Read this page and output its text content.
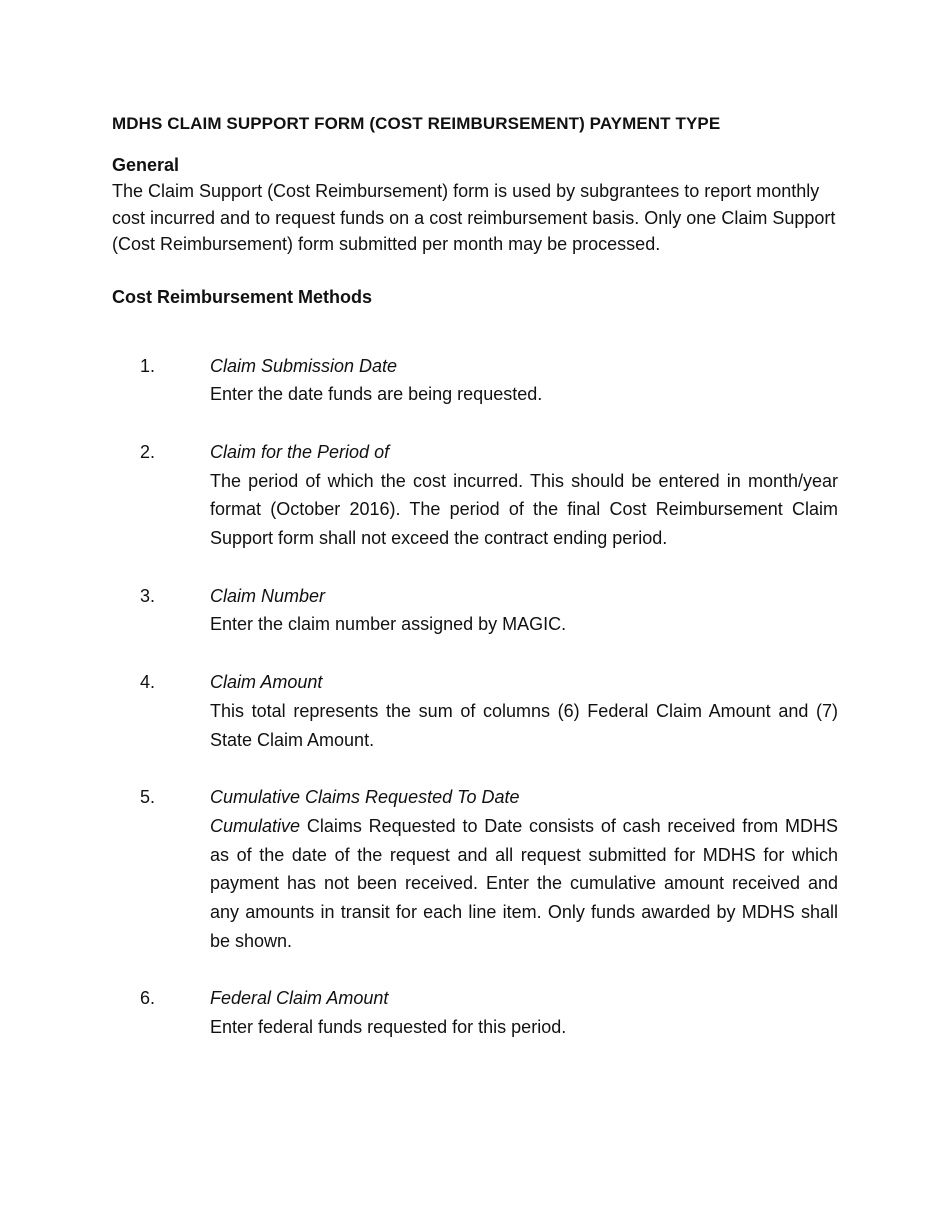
MDHS CLAIM SUPPORT FORM (COST REIMBURSEMENT) PAYMENT TYPE
General

The Claim Support (Cost Reimbursement) form is used by subgrantees to report monthly cost incurred and to request funds on a cost reimbursement basis. Only one Claim Support (Cost Reimbursement) form submitted per month may be processed.

Cost Reimbursement Methods
1.	Claim Submission Date

Enter the date funds are being requested.

2.	Claim for the Period of

The period of which the cost incurred. This should be entered in month/year format (October 2016). The period of the final Cost Reimbursement Claim Support form shall not exceed the contract ending period.

3.	Claim Number

Enter the claim number assigned by MAGIC.

4.	Claim Amount

This total represents the sum of columns (6) Federal Claim Amount and (7) State Claim Amount.

5.	Cumulative Claims Requested To Date

Cumulative Claims Requested to Date consists of cash received from MDHS as of the date of the request and all request submitted for MDHS for which payment has not been received. Enter the cumulative amount received and any amounts in transit for each line item. Only funds awarded by MDHS shall be shown.

6.	Federal Claim Amount

Enter federal funds requested for this period.
